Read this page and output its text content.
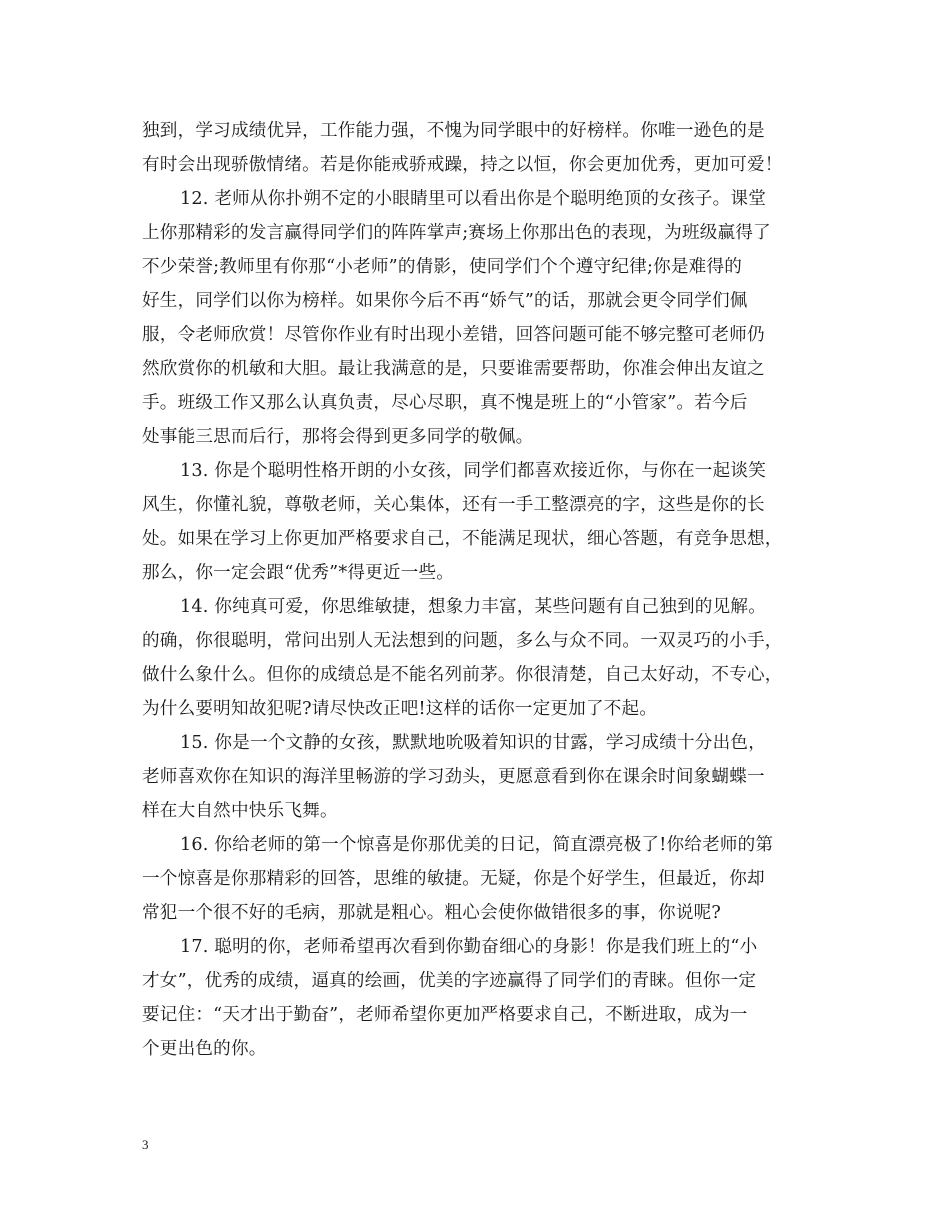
独到，学习成绩优异，工作能力强，不愧为同学眼中的好榜样。你唯一逊色的是
有时会出现骄傲情绪。若是你能戒骄戒躁，持之以恒，你会更加优秀，更加可爱！
12. 老师从你扑朔不定的小眼睛里可以看出你是个聪明绝顶的女孩子。课堂
上你那精彩的发言赢得同学们的阵阵掌声;赛场上你那出色的表现，为班级赢得了
不少荣誉;教师里有你那“小老师”的倩影，使同学们个个遵守纪律;你是难得的
好生，同学们以你为榜样。如果你今后不再“娇气”的话，那就会更令同学们佩
服，令老师欣赏！尽管你作业有时出现小差错，回答问题可能不够完整可老师仍
然欣赏你的机敏和大胆。最让我满意的是，只要谁需要帮助，你准会伸出友谊之
手。班级工作又那么认真负责，尽心尽职，真不愧是班上的“小管家”。若今后
处事能三思而后行，那将会得到更多同学的敬佩。
13. 你是个聪明性格开朗的小女孩，同学们都喜欢接近你，与你在一起谈笑
风生，你懂礼貌，尊敬老师，关心集体，还有一手工整漂亮的字，这些是你的长
处。如果在学习上你更加严格要求自己，不能满足现状，细心答题，有竞争思想，
那么，你一定会跟“优秀”*得更近一些。
14. 你纯真可爱，你思维敏捷，想象力丰富，某些问题有自己独到的见解。
的确，你很聪明，常问出别人无法想到的问题，多么与众不同。一双灵巧的小手，
做什么象什么。但你的成绩总是不能名列前茅。你很清楚，自己太好动，不专心，
为什么要明知故犯呢?请尽快改正吧!这样的话你一定更加了不起。
15. 你是一个文静的女孩，默默地吮吸着知识的甘露，学习成绩十分出色，
老师喜欢你在知识的海洋里畅游的学习劲头，更愿意看到你在课余时间象蝴蝶一
样在大自然中快乐飞舞。
16. 你给老师的第一个惊喜是你那优美的日记，简直漂亮极了!你给老师的第
一个惊喜是你那精彩的回答，思维的敏捷。无疑，你是个好学生，但最近，你却
常犯一个很不好的毛病，那就是粗心。粗心会使你做错很多的事，你说呢?
17. 聪明的你，老师希望再次看到你勤奋细心的身影！你是我们班上的“小
才女”，优秀的成绩，逼真的绘画，优美的字迹赢得了同学们的青睐。但你一定
要记住：“天才出于勤奋”，老师希望你更加严格要求自己，不断进取，成为一
个更出色的你。
3
